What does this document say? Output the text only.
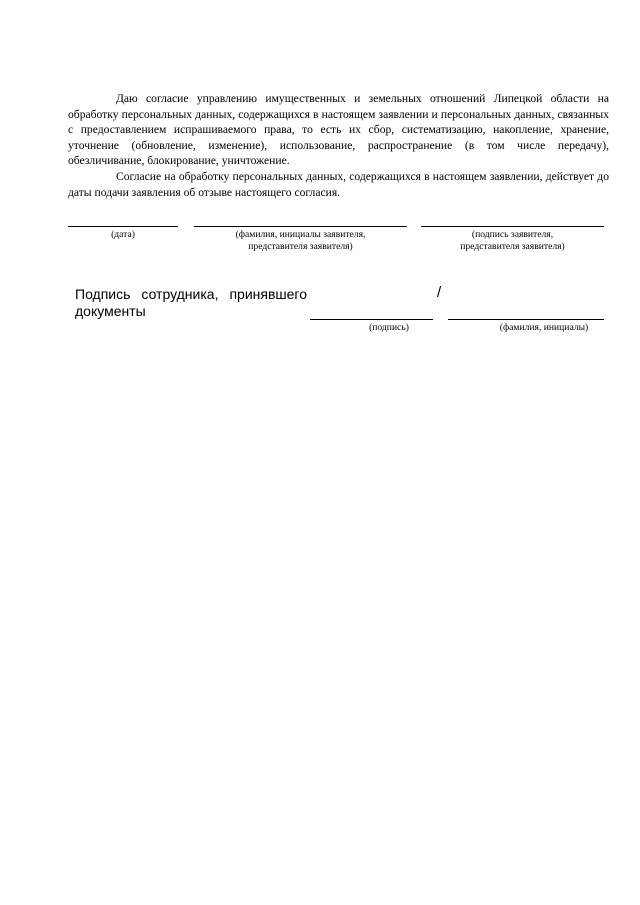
Даю согласие управлению имущественных и земельных отношений Липецкой области на обработку персональных данных, содержащихся в настоящем заявлении и персональных данных, связанных с предоставлением испрашиваемого права, то есть их сбор, систематизацию, накопление, хранение, уточнение (обновление, изменение), использование, распространение (в том числе передачу), обезличивание, блокирование, уничтожение.

Согласие на обработку персональных данных, содержащихся в настоящем заявлении, действует до даты подачи заявления об отзыве настоящего согласия.

(дата)	(фамилия, инициалы заявителя,
представителя заявителя)
(подпись заявителя,
представителя заявителя)
Подпись сотрудника, принявшего документы
/
(подпись)	(фамилия, инициалы)
